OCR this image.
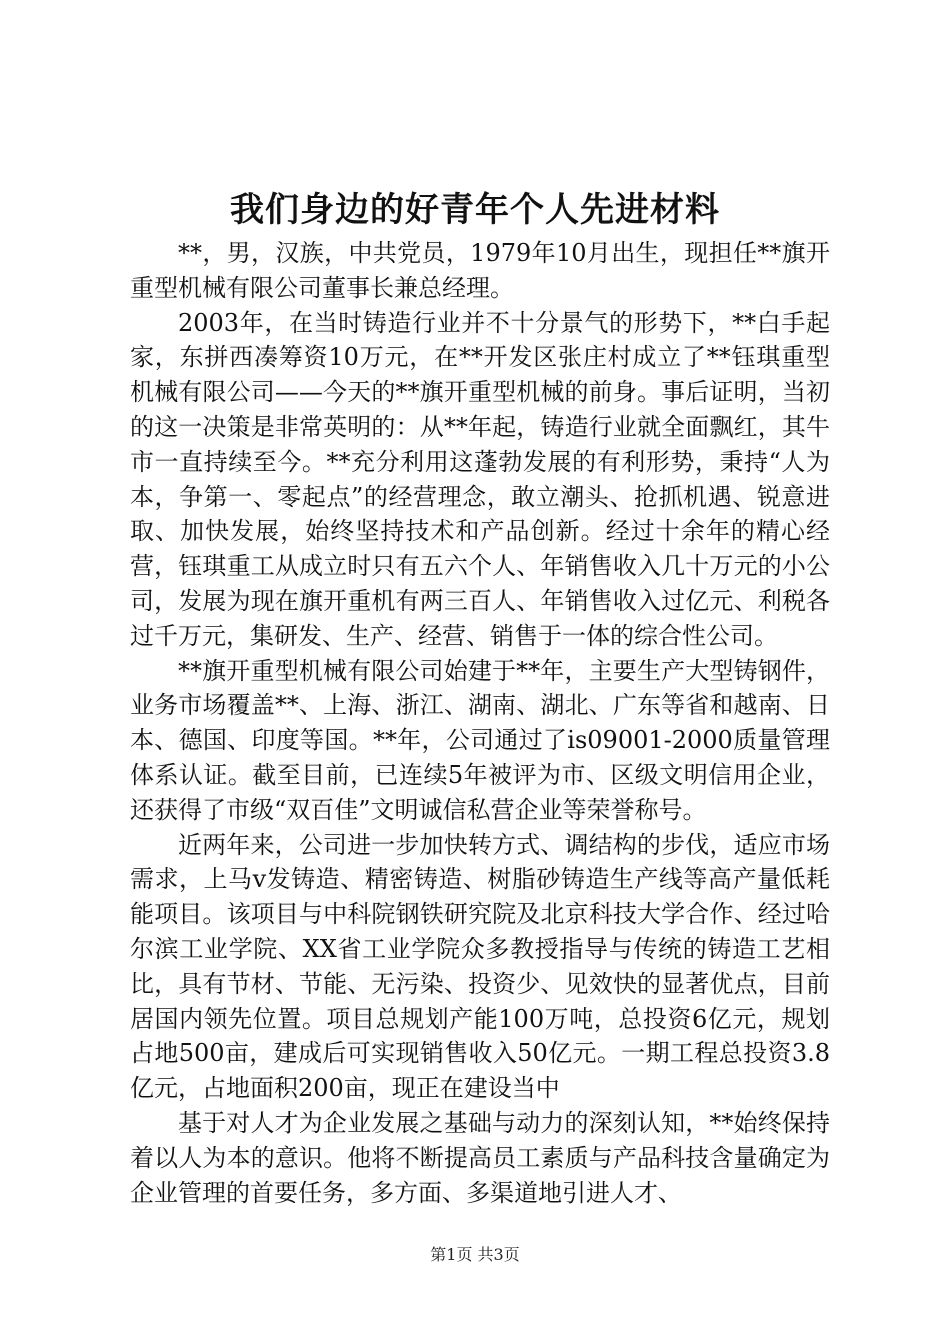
我们身边的好青年个人先进材料

**，男，汉族，中共党员，1979年10月出生，现担任**旗开重型机械有限公司董事长兼总经理。

2003年，在当时铸造行业并不十分景气的形势下，**白手起家，东拼西凑筹资10万元，在**开发区张庄村成立了**钰琪重型机械有限公司——今天的**旗开重型机械的前身。事后证明，当初的这一决策是非常英明的：从**年起，铸造行业就全面飘红，其牛市一直持续至今。**充分利用这蓬勃发展的有利形势，秉持“人为本，争第一、零起点”的经营理念，敢立潮头、抢抓机遇、锐意进取、加快发展，始终坚持技术和产品创新。经过十余年的精心经营，钰琪重工从成立时只有五六个人、年销售收入几十万元的小公司，发展为现在旗开重机有两三百人、年销售收入过亿元、利税各过千万元，集研发、生产、经营、销售于一体的综合性公司。

**旗开重型机械有限公司始建于**年，主要生产大型铸钢件，业务市场覆盖**、上海、浙江、湖南、湖北、广东等省和越南、日本、德国、印度等国。**年，公司通过了is09001-2000质量管理体系认证。截至目前，已连续5年被评为市、区级文明信用企业，还获得了市级“双百佳”文明诚信私营企业等荣誉称号。

近两年来，公司进一步加快转方式、调结构的步伐，适应市场需求，上马v发铸造、精密铸造、树脂砂铸造生产线等高产量低耗能项目。该项目与中科院钢铁研究院及北京科技大学合作、经过哈尔滨工业学院、XX省工业学院众多教授指导与传统的铸造工艺相比，具有节材、节能、无污染、投资少、见效快的显著优点，目前居国内领先位置。项目总规划产能100万吨，总投资6亿元，规划占地500亩，建成后可实现销售收入50亿元。一期工程总投资3.8亿元，占地面积200亩，现正在建设当中

基于对人才为企业发展之基础与动力的深刻认知，**始终保持着以人为本的意识。他将不断提高员工素质与产品科技含量确定为企业管理的首要任务，多方面、多渠道地引进人才、

第1页 共3页
